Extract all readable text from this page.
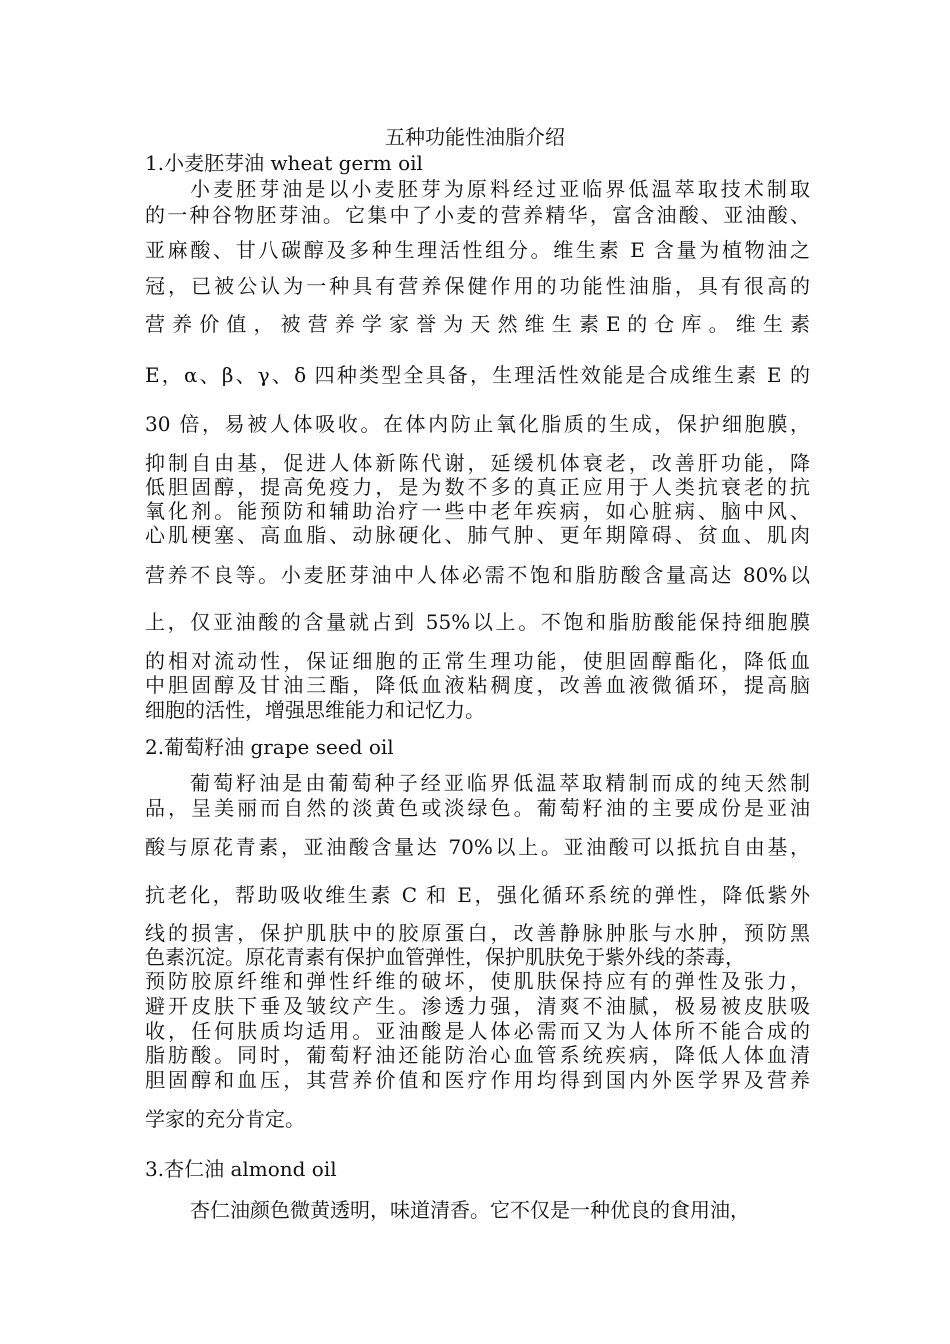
五种功能性油脂介绍
1.小麦胚芽油 wheat germ oil
小麦胚芽油是以小麦胚芽为原料经过亚临界低温萃取技术制取
的一种谷物胚芽油。它集中了小麦的营养精华，富含油酸、亚油酸、
亚麻酸、甘八碳醇及多种生理活性组分。维生素 E 含量为植物油之
冠，已被公认为一种具有营养保健作用的功能性油脂，具有很高的
营 养 价 值 ， 被 营 养 学 家 誉 为 天 然 维 生 素 E 的 仓 库 。 维 生 素
E，α、β、γ、δ 四种类型全具备，生理活性效能是合成维生素 E 的
30 倍，易被人体吸收。在体内防止氧化脂质的生成，保护细胞膜，
抑制自由基，促进人体新陈代谢，延缓机体衰老，改善肝功能，降
低胆固醇，提高免疫力，是为数不多的真正应用于人类抗衰老的抗
氧化剂。能预防和辅助治疗一些中老年疾病，如心脏病、脑中风、
心肌梗塞、高血脂、动脉硬化、肺气肿、更年期障碍、贫血、肌肉
营养不良等。小麦胚芽油中人体必需不饱和脂肪酸含量高达 80%以
上，仅亚油酸的含量就占到 55%以上。不饱和脂肪酸能保持细胞膜
的相对流动性，保证细胞的正常生理功能，使胆固醇酯化，降低血
中胆固醇及甘油三酯，降低血液粘稠度，改善血液微循环，提高脑
细胞的活性，增强思维能力和记忆力。
2.葡萄籽油 grape seed oil
葡萄籽油是由葡萄种子经亚临界低温萃取精制而成的纯天然制
品，呈美丽而自然的淡黄色或淡绿色。葡萄籽油的主要成份是亚油
酸与原花青素，亚油酸含量达 70%以上。亚油酸可以抵抗自由基，
抗老化，帮助吸收维生素 C 和 E，强化循环系统的弹性，降低紫外
线的损害，保护肌肤中的胶原蛋白，改善静脉肿胀与水肿，预防黑
色素沉淀。原花青素有保护血管弹性，保护肌肤免于紫外线的荼毒，
预防胶原纤维和弹性纤维的破坏，使肌肤保持应有的弹性及张力，
避开皮肤下垂及皱纹产生。渗透力强，清爽不油腻，极易被皮肤吸
收，任何肤质均适用。亚油酸是人体必需而又为人体所不能合成的
脂肪酸。同时，葡萄籽油还能防治心血管系统疾病，降低人体血清
胆固醇和血压，其营养价值和医疗作用均得到国内外医学界及营养
学家的充分肯定。
3.杏仁油 almond oil
杏仁油颜色微黄透明，味道清香。它不仅是一种优良的食用油，
